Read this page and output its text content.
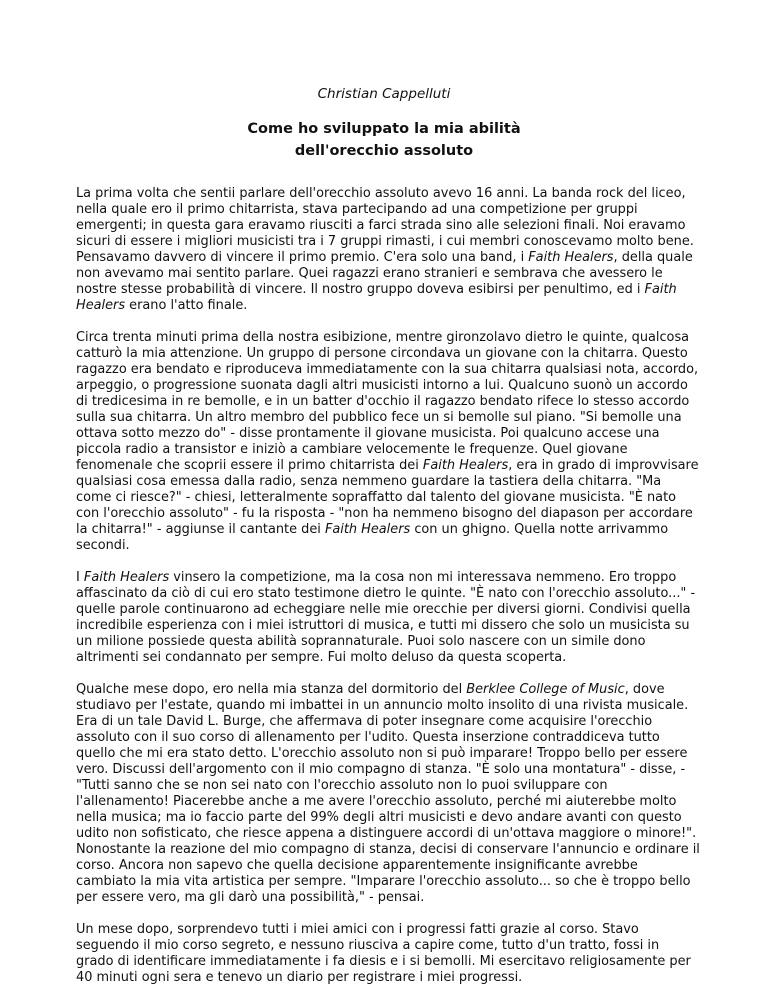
Christian Cappelluti
Come ho sviluppato la mia abilità
dell'orecchio assoluto

La prima volta che sentii parlare dell'orecchio assoluto avevo 16 anni. La banda rock del liceo, nella quale ero il primo chitarrista, stava partecipando ad una competizione per gruppi emergenti; in questa gara eravamo riusciti a farci strada sino alle selezioni finali. Noi eravamo sicuri di essere i migliori musicisti tra i 7 gruppi rimasti, i cui membri conoscevamo molto bene. Pensavamo davvero di vincere il primo premio. C'era solo una band, i Faith Healers, della quale non avevamo mai sentito parlare. Quei ragazzi erano stranieri e sembrava che avessero le nostre stesse probabilità di vincere. Il nostro gruppo doveva esibirsi per penultimo, ed i Faith Healers erano l'atto finale.

Circa trenta minuti prima della nostra esibizione, mentre gironzolavo dietro le quinte, qualcosa catturò la mia attenzione. Un gruppo di persone circondava un giovane con la chitarra. Questo ragazzo era bendato e riproduceva immediatamente con la sua chitarra qualsiasi nota, accordo, arpeggio, o progressione suonata dagli altri musicisti intorno a lui. Qualcuno suonò un accordo di tredicesima in re bemolle, e in un batter d'occhio il ragazzo bendato rifece lo stesso accordo sulla sua chitarra. Un altro membro del pubblico fece un si bemolle sul piano. "Si bemolle una ottava sotto mezzo do" - disse prontamente il giovane musicista. Poi qualcuno accese una piccola radio a transistor e iniziò a cambiare velocemente le frequenze. Quel giovane fenomenale che scoprii essere il primo chitarrista dei Faith Healers, era in grado di improvvisare qualsiasi cosa emessa dalla radio, senza nemmeno guardare la tastiera della chitarra. "Ma come ci riesce?" - chiesi, letteralmente sopraffatto dal talento del giovane musicista. "È nato con l'orecchio assoluto" - fu la risposta - "non ha nemmeno bisogno del diapason per accordare la chitarra!" - aggiunse il cantante dei Faith Healers con un ghigno. Quella notte arrivammo secondi.

I Faith Healers vinsero la competizione, ma la cosa non mi interessava nemmeno. Ero troppo affascinato da ciò di cui ero stato testimone dietro le quinte. "È nato con l'orecchio assoluto..." - quelle parole continuarono ad echeggiare nelle mie orecchie per diversi giorni. Condivisi quella incredibile esperienza con i miei istruttori di musica, e tutti mi dissero che solo un musicista su un milione possiede questa abilità soprannaturale. Puoi solo nascere con un simile dono altrimenti sei condannato per sempre. Fui molto deluso da questa scoperta.

Qualche mese dopo, ero nella mia stanza del dormitorio del Berklee College of Music, dove studiavo per l'estate, quando mi imbattei in un annuncio molto insolito di una rivista musicale. Era di un tale David L. Burge, che affermava di poter insegnare come acquisire l'orecchio assoluto con il suo corso di allenamento per l'udito. Questa inserzione contraddiceva tutto quello che mi era stato detto. L'orecchio assoluto non si può imparare! Troppo bello per essere vero. Discussi dell'argomento con il mio compagno di stanza. "È solo una montatura" - disse, - "Tutti sanno che se non sei nato con l'orecchio assoluto non lo puoi sviluppare con l'allenamento! Piacerebbe anche a me avere l'orecchio assoluto, perché mi aiuterebbe molto nella musica; ma io faccio parte del 99% degli altri musicisti e devo andare avanti con questo udito non sofisticato, che riesce appena a distinguere accordi di un'ottava maggiore o minore!". Nonostante la reazione del mio compagno di stanza, decisi di conservare l'annuncio e ordinare il corso. Ancora non sapevo che quella decisione apparentemente insignificante avrebbe cambiato la mia vita artistica per sempre. "Imparare l'orecchio assoluto... so che è troppo bello per essere vero, ma gli darò una possibilità," - pensai.

Un mese dopo, sorprendevo tutti i miei amici con i progressi fatti grazie al corso. Stavo seguendo il mio corso segreto, e nessuno riusciva a capire come, tutto d'un tratto, fossi in grado di identificare immediatamente i fa diesis e i si bemolli. Mi esercitavo religiosamente per 40 minuti ogni sera e tenevo un diario per registrare i miei progressi.
